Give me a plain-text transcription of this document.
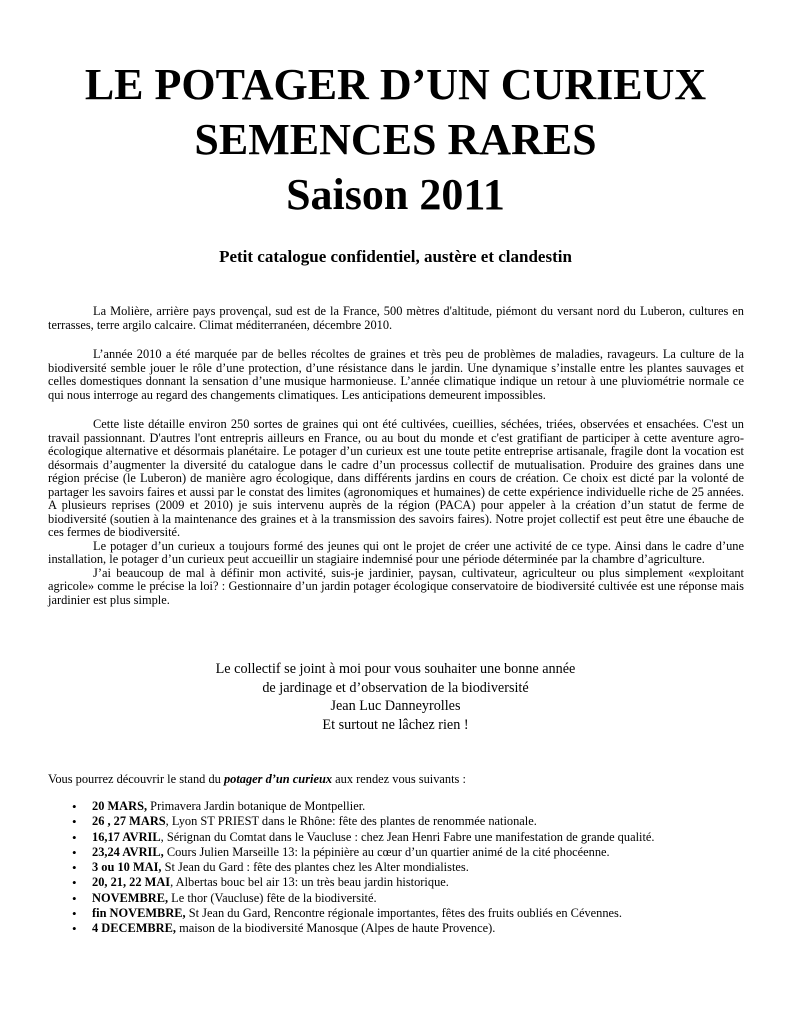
LE POTAGER D’UN CURIEUX
SEMENCES RARES
Saison 2011
Petit catalogue confidentiel, austère et clandestin

La Molière, arrière pays provençal, sud est de la France, 500 mètres d'altitude, piémont du versant nord du Luberon, cultures en terrasses, terre argilo calcaire. Climat méditerranéen, décembre 2010.

L’année 2010 a été marquée par de belles récoltes de graines et très peu de problèmes de maladies, ravageurs. La culture de la biodiversité semble jouer le rôle d’une protection, d’une résistance dans le jardin. Une dynamique s’installe entre les plantes sauvages et celles domestiques donnant la sensation d’une musique harmonieuse. L’année climatique indique un retour à une pluviométrie normale ce qui nous interroge au regard des changements climatiques. Les anticipations demeurent impossibles.

Cette liste détaille environ 250 sortes de graines qui ont été cultivées, cueillies, séchées, triées, observées et ensachées. C'est un travail passionnant. D'autres l'ont entrepris ailleurs en France, ou au bout du monde et c'est gratifiant de participer à cette aventure agro-écologique alternative et désormais planétaire. Le potager d’un curieux est une toute petite entreprise artisanale, fragile dont la vocation est désormais d’augmenter la diversité du catalogue dans le cadre d’un processus collectif de mutualisation. Produire des graines dans une région précise (le Luberon) de manière agro écologique, dans différents jardins en cours de création. Ce choix est dicté par la volonté de partager les savoirs faires et aussi par le constat des limites (agronomiques et humaines) de cette expérience individuelle riche de 25 années. A plusieurs reprises (2009 et 2010) je suis intervenu auprès de la région (PACA) pour appeler à la création d’un statut de ferme de biodiversité (soutien à la maintenance des graines et à la transmission des savoirs faires). Notre projet collectif est peut être une ébauche de ces fermes de biodiversité.

Le potager d’un curieux a toujours formé des jeunes qui ont le projet de créer une activité de ce type. Ainsi dans le cadre d’une installation, le potager d’un curieux peut accueillir un stagiaire indemnisé pour une période déterminée par la chambre d’agriculture.

J’ai beaucoup de mal à définir mon activité, suis-je jardinier, paysan, cultivateur, agriculteur ou plus simplement «exploitant agricole» comme le précise la loi? : Gestionnaire d’un jardin potager écologique conservatoire de biodiversité cultivée est une réponse mais jardinier est plus simple.

Le collectif se joint à moi pour vous souhaiter une bonne année
de jardinage et d’observation de la biodiversité
Jean Luc Danneyrolles
Et surtout ne lâchez rien !
Vous pourrez découvrir le stand du potager d’un curieux aux rendez vous suivants :
• 20 MARS, Primavera Jardin botanique de Montpellier.
• 26 , 27 MARS, Lyon ST PRIEST dans le Rhône: fête des plantes de renommée nationale.
• 16,17 AVRIL, Sérignan du Comtat dans le Vaucluse : chez Jean Henri Fabre une manifestation de grande qualité.
• 23,24 AVRIL, Cours Julien Marseille 13: la pépinière au cœur d’un quartier animé de la cité phocéenne.
• 3 ou 10 MAI, St Jean du Gard : fête des plantes chez les Alter mondialistes.
• 20, 21, 22 MAI, Albertas bouc bel air 13: un très beau jardin historique.
• NOVEMBRE, Le thor (Vaucluse) fête de la biodiversité.
• fin NOVEMBRE, St Jean du Gard, Rencontre régionale importantes, fêtes des fruits oubliés en Cévennes.
• 4 DECEMBRE, maison de la biodiversité Manosque (Alpes de haute Provence).
